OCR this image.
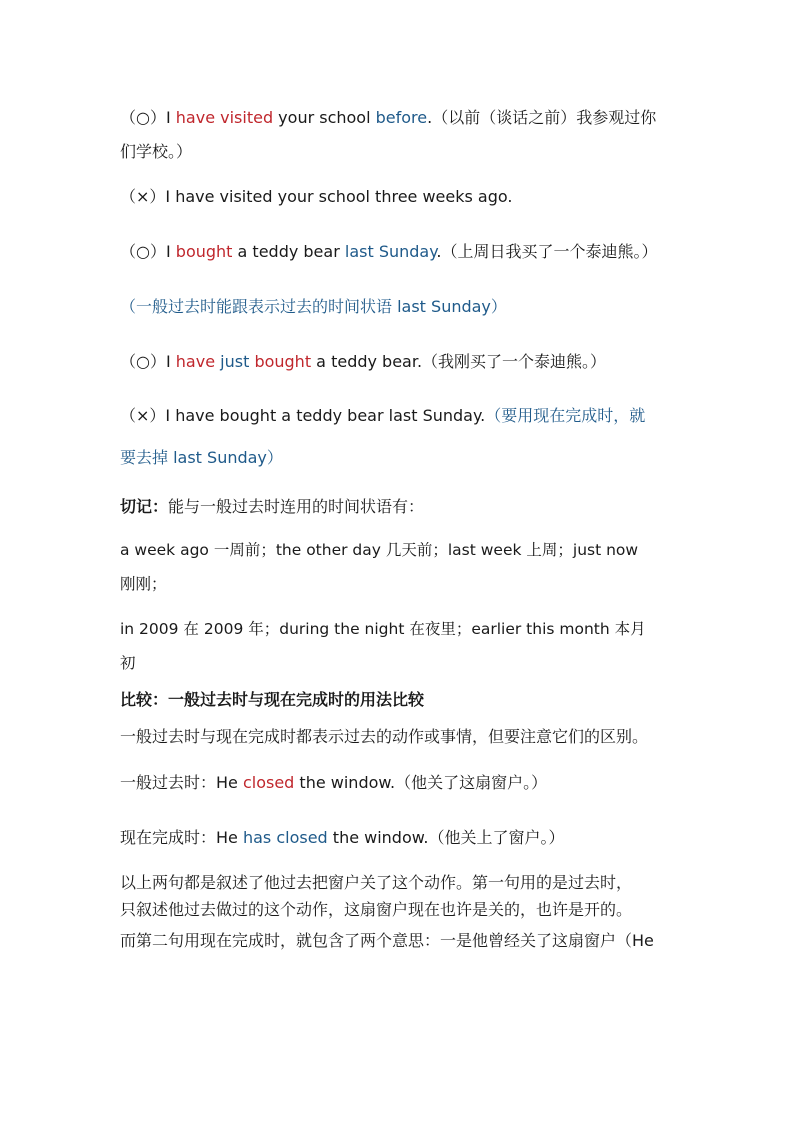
（○）I have visited your school before.（以前（谈话之前）我参观过你
们学校。）
（×）I have visited your school three weeks ago.
（○）I bought a teddy bear last Sunday.（上周日我买了一个泰迪熊。）
（一般过去时能跟表示过去的时间状语 last Sunday）
（○）I have just bought a teddy bear.（我刚买了一个泰迪熊。）
（×）I have bought a teddy bear last Sunday.（要用现在完成时，就
要去掉 last Sunday）
切记：能与一般过去时连用的时间状语有：
a week ago 一周前；the other day 几天前；last week 上周；just now
刚刚；
in 2009 在 2009 年；during the night 在夜里；earlier this month 本月
初
比较：一般过去时与现在完成时的用法比较
一般过去时与现在完成时都表示过去的动作或事情，但要注意它们的区别。
一般过去时：He closed the window.（他关了这扇窗户。）
现在完成时：He has closed the window.（他关上了窗户。）
以上两句都是叙述了他过去把窗户关了这个动作。第一句用的是过去时，
只叙述他过去做过的这个动作，这扇窗户现在也许是关的，也许是开的。
而第二句用现在完成时，就包含了两个意思：一是他曾经关了这扇窗户（He
